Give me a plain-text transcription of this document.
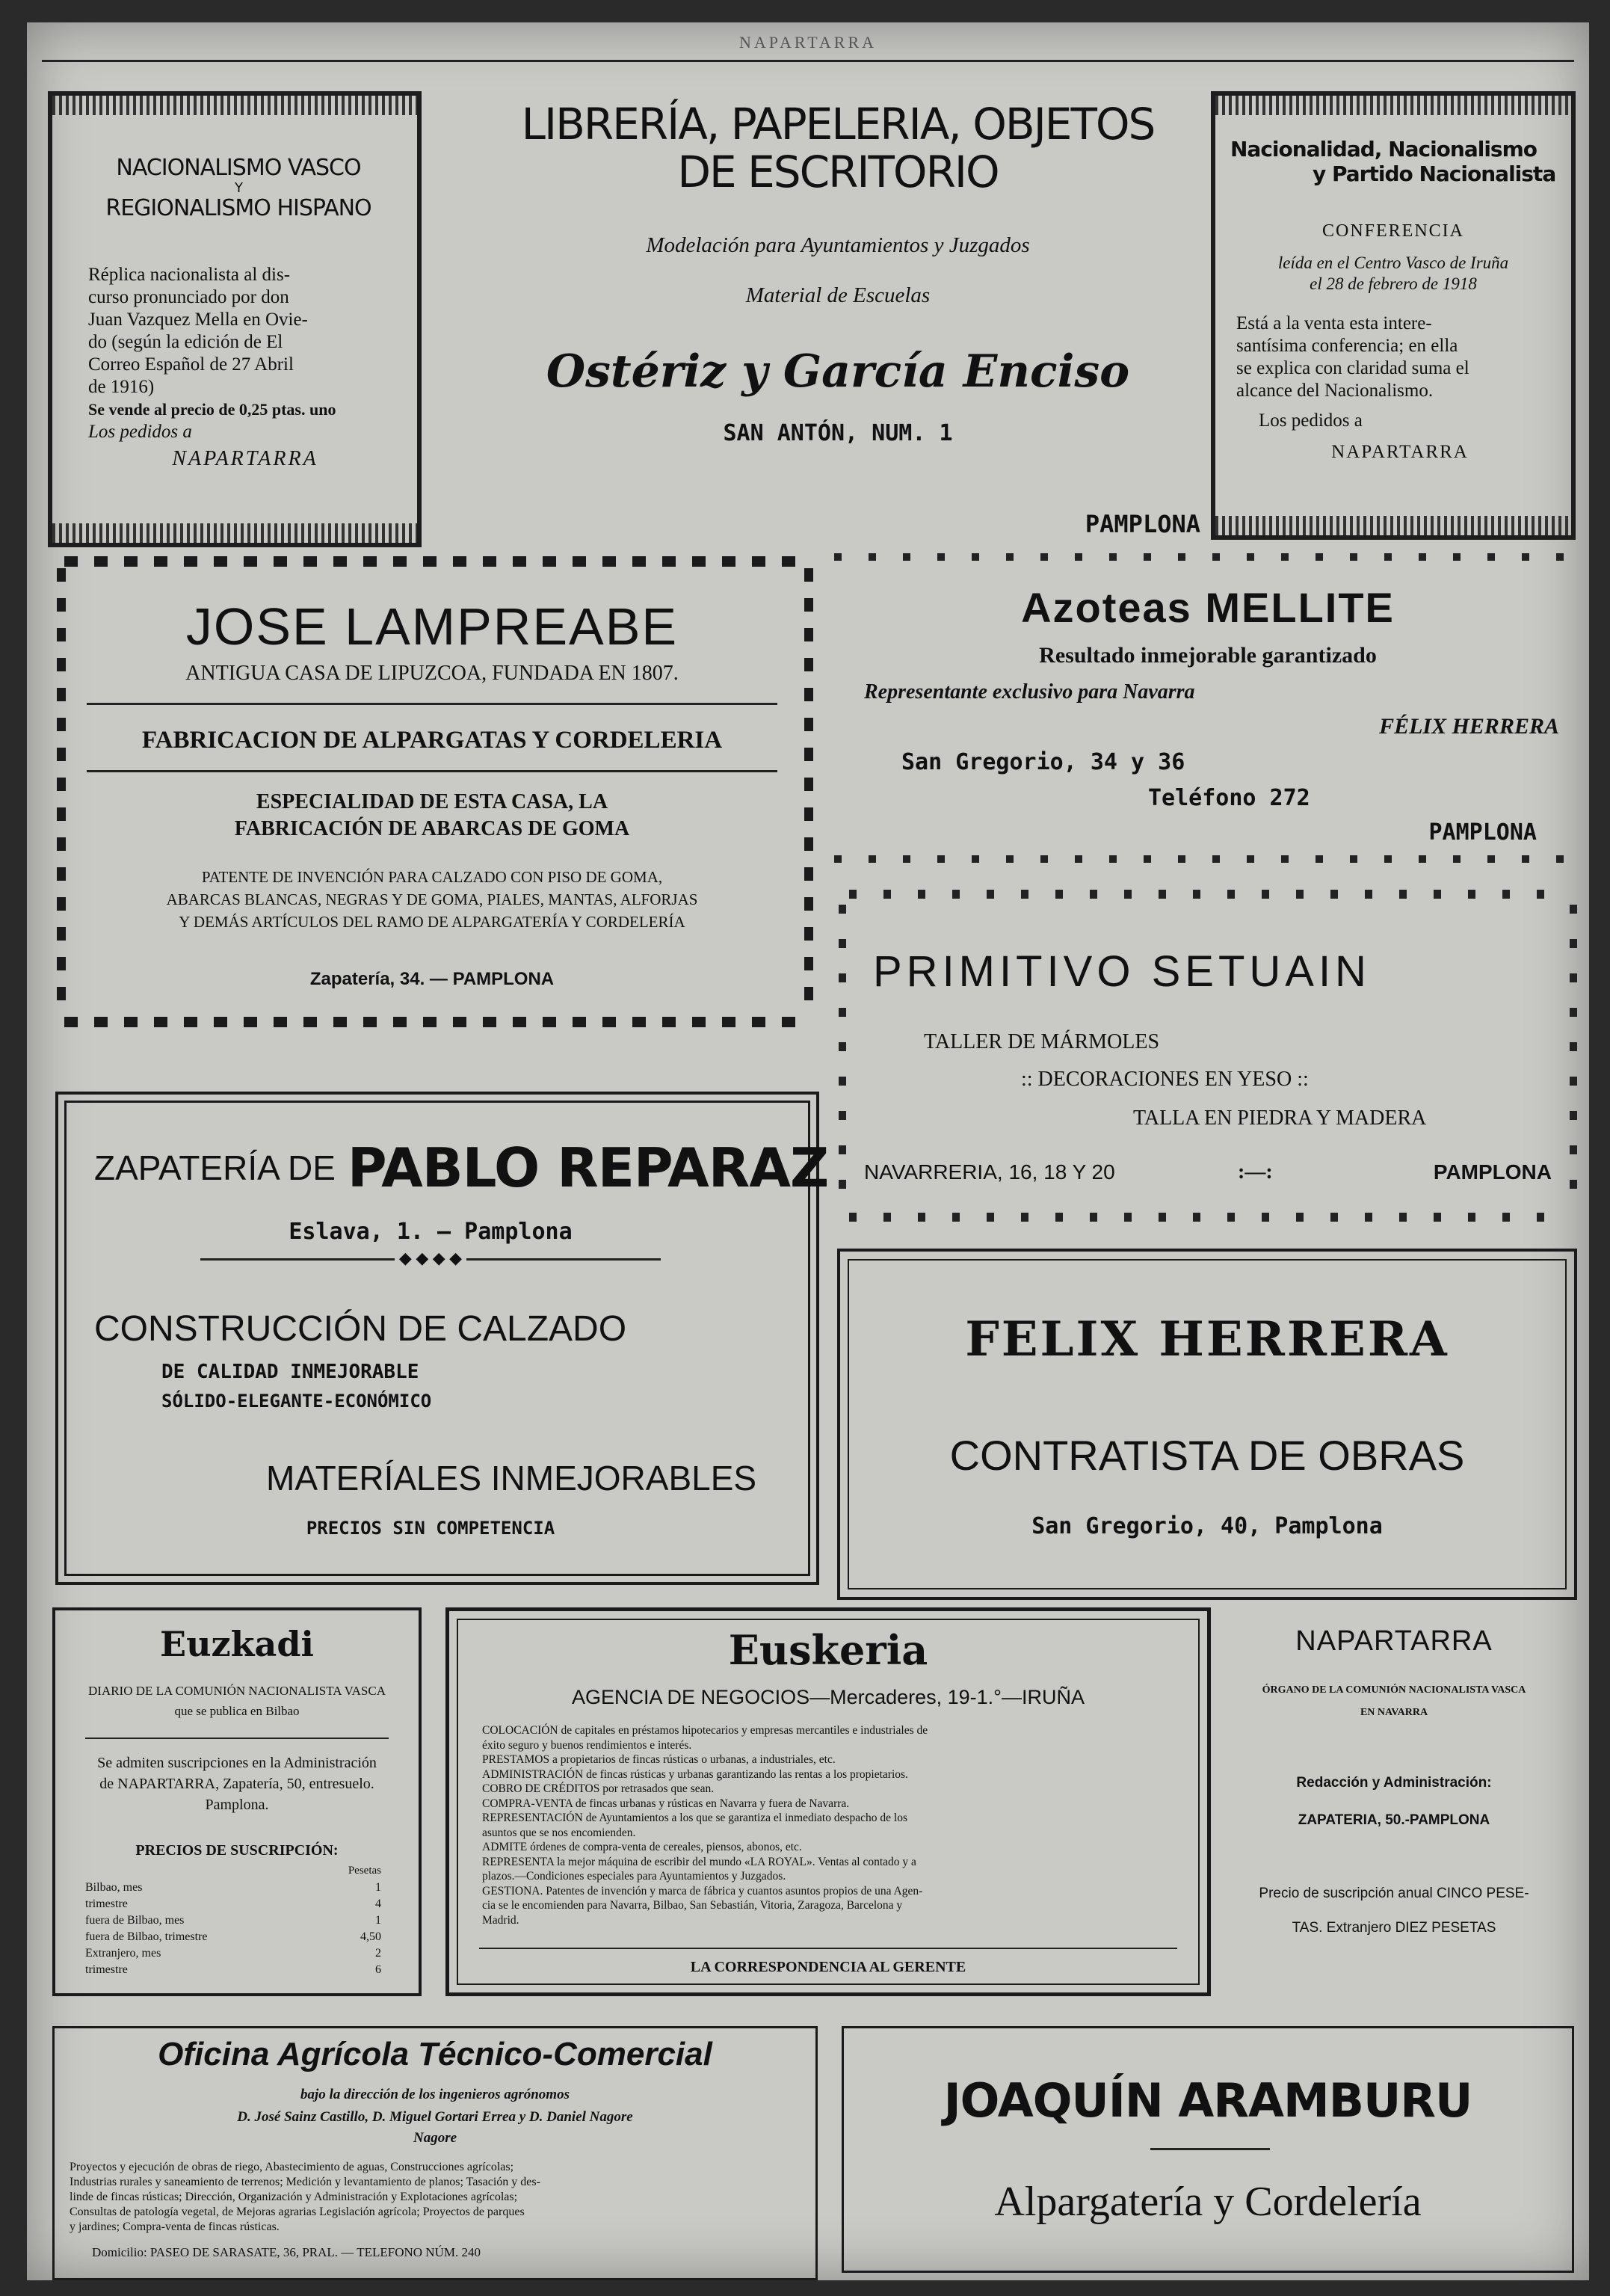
NAPARTARRA
NACIONALISMO VASCO
Y
REGIONALISMO HISPANO
Réplica nacionalista al dis-
curso pronunciado por don
Juan Vazquez Mella en Ovie-
do (según la edición de El
Correo Español de 27 Abril
de 1916)
Se vende al precio de 0,25 ptas. uno
Los pedidos a
NAPARTARRA
LIBRERÍA, PAPELERIA, OBJETOS
DE ESCRITORIO
Modelación para Ayuntamientos y Juzgados
Material de Escuelas
Ostériz y García Enciso
SAN ANTÓN, NUM. 1
PAMPLONA
Nacionalidad, Nacionalismo
y Partido Nacionalista
CONFERENCIA
leída en el Centro Vasco de Iruña
el 28 de febrero de 1918
Está a la venta esta intere-
santísima conferencia; en ella
se explica con claridad suma el
alcance del Nacionalismo.
Los pedidos a
NAPARTARRA
JOSE LAMPREABE
ANTIGUA CASA DE LIPUZCOA, FUNDADA EN 1807.
FABRICACION DE ALPARGATAS Y CORDELERIA
ESPECIALIDAD DE ESTA CASA, LA
FABRICACIÓN DE ABARCAS DE GOMA
PATENTE DE INVENCIÓN PARA CALZADO CON PISO DE GOMA,
ABARCAS BLANCAS, NEGRAS Y DE GOMA, PIALES, MANTAS, ALFORJAS
Y DEMÁS ARTÍCULOS DEL RAMO DE ALPARGATERÍA Y CORDELERÍA
Zapatería, 34. — PAMPLONA
Azoteas MELLITE
Resultado inmejorable garantizado
Representante exclusivo para Navarra
FÉLIX HERRERA
San Gregorio, 34 y 36
Teléfono 272
PAMPLONA
PRIMITIVO SETUAIN
TALLER DE MÁRMOLES
:: DECORACIONES EN YESO ::
TALLA EN PIEDRA Y MADERA
NAVARRERIA, 16, 18 Y 20	:—:	PAMPLONA
ZAPATERÍA DE PABLO REPARAZ
Eslava, 1. — Pamplona
◆ ◆ ◆ ◆
CONSTRUCCIÓN DE CALZADO
DE CALIDAD INMEJORABLE
SÓLIDO-ELEGANTE-ECONÓMICO
MATERÍALES INMEJORABLES
PRECIOS SIN COMPETENCIA
FELIX HERRERA
CONTRATISTA DE OBRAS
San Gregorio, 40, Pamplona
Euzkadi
DIARIO DE LA COMUNIÓN NACIONALISTA VASCA
que se publica en Bilbao
Se admiten suscripciones en la Administración
de NAPARTARRA, Zapatería, 50, entresuelo.
Pamplona.
PRECIOS DE SUSCRIPCIÓN:
Pesetas
Bilbao, mes	1
trimestre	4
fuera de Bilbao, mes	1
fuera de Bilbao, trimestre	4,50
Extranjero, mes	2
trimestre	6
Euskeria
AGENCIA DE NEGOCIOS—Mercaderes, 19-1.°—IRUÑA
COLOCACIÓN de capitales en préstamos hipotecarios y empresas mercantiles e industriales de
éxito seguro y buenos rendimientos e interés.
PRESTAMOS a propietarios de fincas rústicas o urbanas, a industriales, etc.
ADMINISTRACIÓN de fincas rústicas y urbanas garantizando las rentas a los propietarios.
COBRO DE CRÉDITOS por retrasados que sean.
COMPRA-VENTA de fincas urbanas y rústicas en Navarra y fuera de Navarra.
REPRESENTACIÓN de Ayuntamientos a los que se garantiza el inmediato despacho de los
asuntos que se nos encomienden.
ADMITE órdenes de compra-venta de cereales, piensos, abonos, etc.
REPRESENTA la mejor máquina de escribir del mundo «LA ROYAL». Ventas al contado y a
plazos.—Condiciones especiales para Ayuntamientos y Juzgados.
GESTIONA. Patentes de invención y marca de fábrica y cuantos asuntos propios de una Agen-
cia se le encomienden para Navarra, Bilbao, San Sebastián, Vitoria, Zaragoza, Barcelona y
Madrid.
LA CORRESPONDENCIA AL GERENTE
NAPARTARRA
ÓRGANO DE LA COMUNIÓN NACIONALISTA VASCA
EN NAVARRA
Redacción y Administración:
ZAPATERIA, 50.-PAMPLONA
Precio de suscripción anual CINCO PESE-
TAS. Extranjero DIEZ PESETAS
Oficina Agrícola Técnico-Comercial
bajo la dirección de los ingenieros agrónomos
D. José Sainz Castillo, D. Miguel Gortari Errea y D. Daniel Nagore
Nagore
Proyectos y ejecución de obras de riego, Abastecimiento de aguas, Construcciones agrícolas;
Industrias rurales y saneamiento de terrenos; Medición y levantamiento de planos; Tasación y des-
linde de fincas rústicas; Dirección, Organización y Administración y Explotaciones agrícolas;
Consultas de patología vegetal, de Mejoras agrarias Legislación agrícola; Proyectos de parques
y jardines; Compra-venta de fincas rústicas.
Domicilio: PASEO DE SARASATE, 36, PRAL. — TELEFONO NÚM. 240
JOAQUÍN ARAMBURU
Alpargatería y Cordelería
